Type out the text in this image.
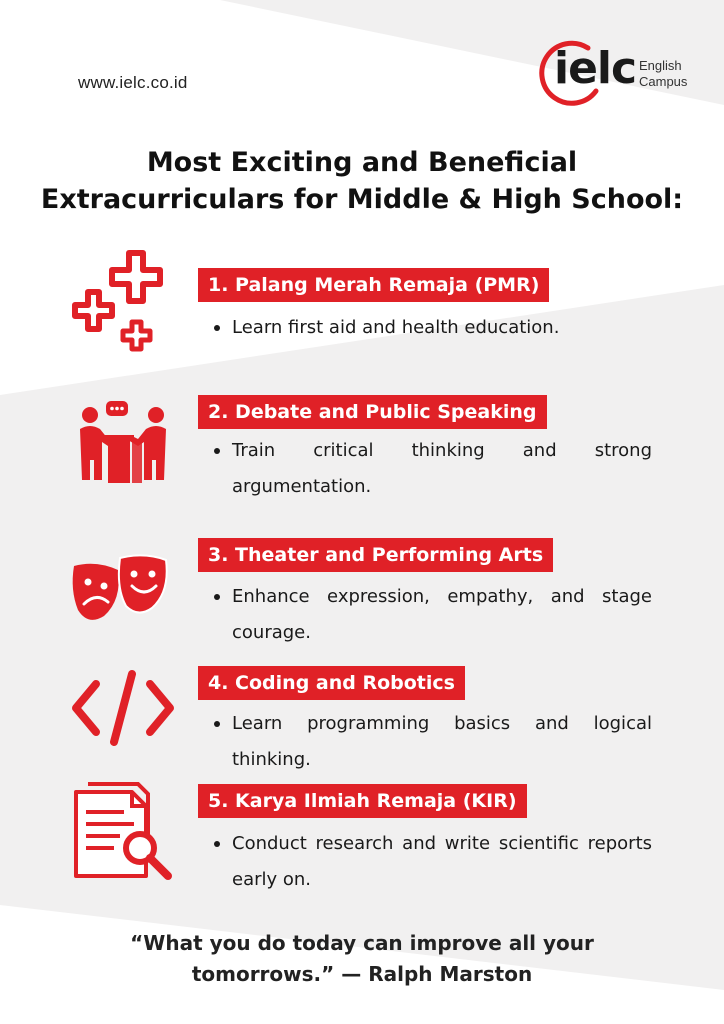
www.ielc.co.id	ielc English
Campus
Most Exciting and Beneficial
Extracurriculars for Middle & High School:
1. Palang Merah Remaja (PMR)
Learn first aid and health education.
2. Debate and Public Speaking
Train critical thinking and strong argumentation.
3. Theater and Performing Arts
Enhance expression, empathy, and stage courage.
4. Coding and Robotics
Learn programming basics and logical thinking.
5. Karya Ilmiah Remaja (KIR)
Conduct research and write scientific reports early on.
“What you do today can improve all your
tomorrows.” — Ralph Marston
